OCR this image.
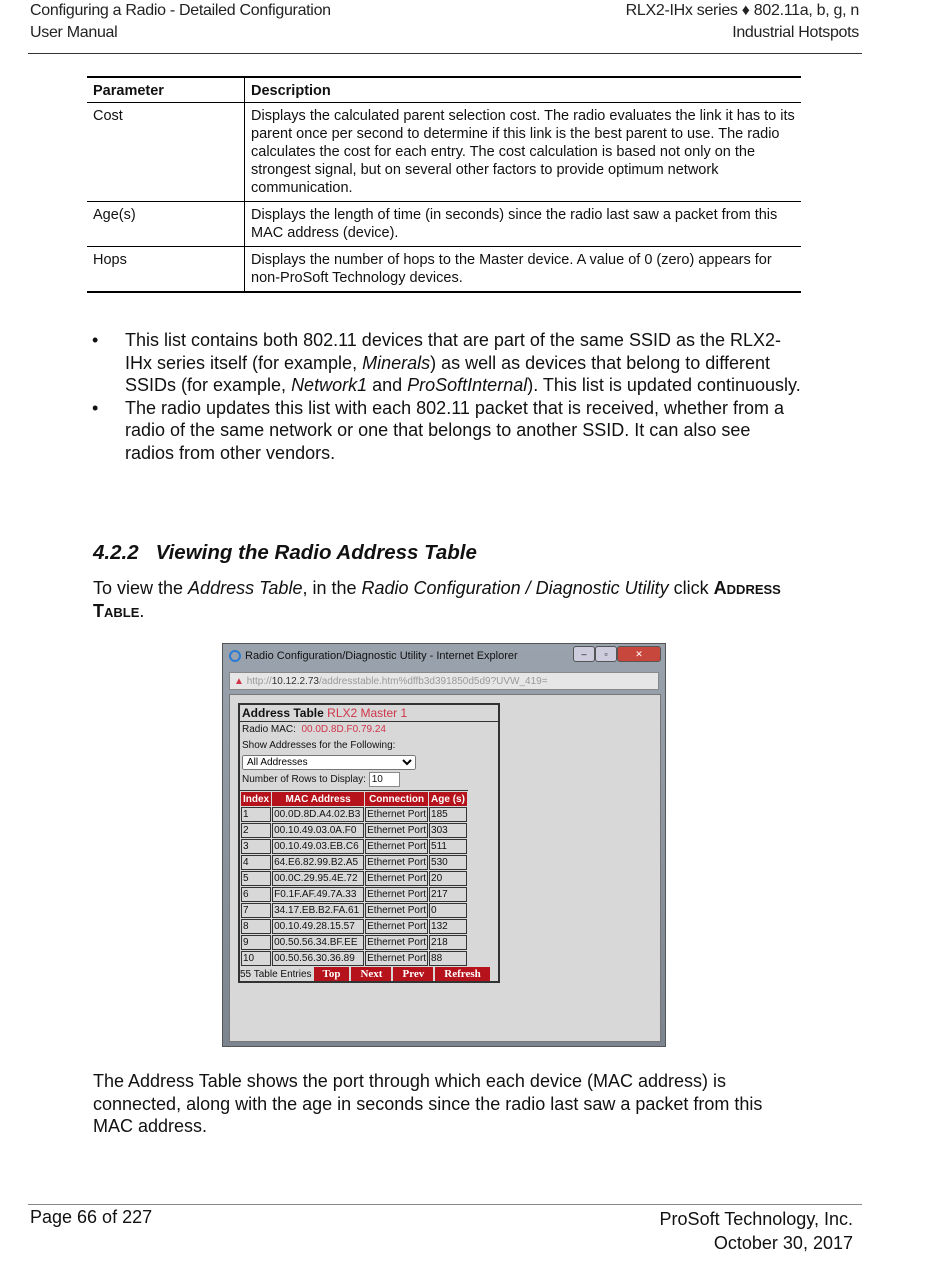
Configuring a Radio - Detailed Configuration
User Manual
RLX2-IHx series ♦ 802.11a, b, g, n
Industrial Hotspots
Parameter	Description
Cost	Displays the calculated parent selection cost. The radio evaluates the link it has to its parent once per second to determine if this link is the best parent to use. The radio calculates the cost for each entry. The cost calculation is based not only on the strongest signal, but on several other factors to provide optimum network communication.
Age(s)	Displays the length of time (in seconds) since the radio last saw a packet from this MAC address (device).
Hops	Displays the number of hops to the Master device. A value of 0 (zero) appears for non-ProSoft Technology devices.
• This list contains both 802.11 devices that are part of the same SSID as the RLX2-IHx series itself (for example, Minerals) as well as devices that belong to different SSIDs (for example, Network1 and ProSoftInternal). This list is updated continuously.
• The radio updates this list with each 802.11 packet that is received, whether from a radio of the same network or one that belongs to another SSID. It can also see radios from other vendors.
4.2.2   Viewing the Radio Address Table

To view the Address Table, in the Radio Configuration / Diagnostic Utility click Address Table.

Radio Configuration/Diagnostic Utility - Internet Explorer	–	▫	✕
▲ http://10.12.2.73/addresstable.htm%dffb3d391850d5d9?UVW_419=
Address Table RLX2 Master 1
Radio MAC: 00.0D.8D.F0.79.24
Show Addresses for the Following:
All Addresses
Number of Rows to Display: 10
Index	MAC Address	Connection	Age (s)
1	00.0D.8D.A4.02.B3	Ethernet Port	185
2	00.10.49.03.0A.F0	Ethernet Port	303
3	00.10.49.03.EB.C6	Ethernet Port	511
4	64.E6.82.99.B2.A5	Ethernet Port	530
5	00.0C.29.95.4E.72	Ethernet Port	20
6	F0.1F.AF.49.7A.33	Ethernet Port	217
7	34.17.EB.B2.FA.61	Ethernet Port	0
8	00.10.49.28.15.57	Ethernet Port	132
9	00.50.56.34.BF.EE	Ethernet Port	218
10	00.50.56.30.36.89	Ethernet Port	88
55 Table Entries	Top	Next	Prev	Refresh

The Address Table shows the port through which each device (MAC address) is connected, along with the age in seconds since the radio last saw a packet from this MAC address.

Page 66 of 227	ProSoft Technology, Inc.
October 30, 2017
